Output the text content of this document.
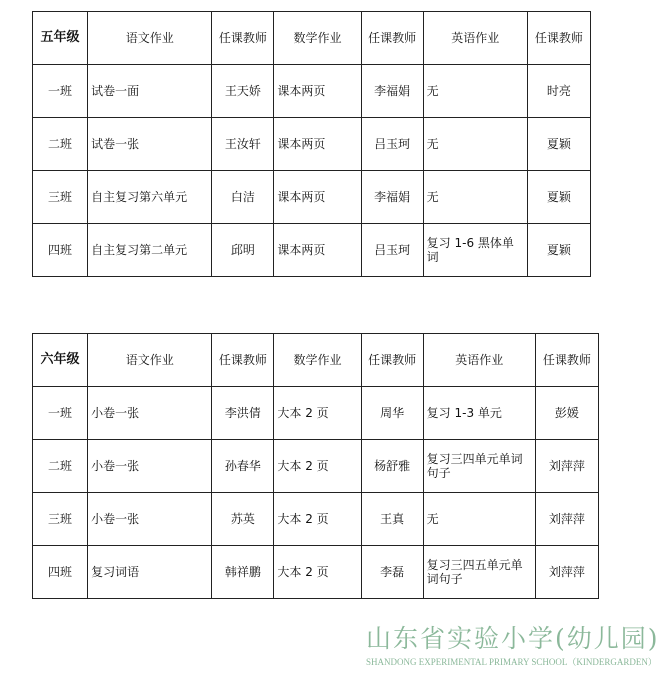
五年级	语文作业	任课教师	数学作业	任课教师	英语作业	任课教师
一班	试卷一面	王天娇	课本两页	李福娟	无	时亮
二班	试卷一张	王汝轩	课本两页	吕玉珂	无	夏颖
三班	自主复习第六单元	白洁	课本两页	李福娟	无	夏颖
四班	自主复习第二单元	邱明	课本两页	吕玉珂	复习 1-6 黑体单词	夏颖
六年级	语文作业	任课教师	数学作业	任课教师	英语作业	任课教师
一班	小卷一张	李洪倩	大本 2 页	周华	复习 1-3 单元	彭媛
二班	小卷一张	孙春华	大本 2 页	杨舒雅	复习三四单元单词句子	刘萍萍
三班	小卷一张	苏英	大本 2 页	王真	无	刘萍萍
四班	复习词语	韩祥鹏	大本 2 页	李磊	复习三四五单元单词句子	刘萍萍
山东省实验小学(幼儿园)
SHANDONG EXPERIMENTAL PRIMARY SCHOOL（KINDERGARDEN）
